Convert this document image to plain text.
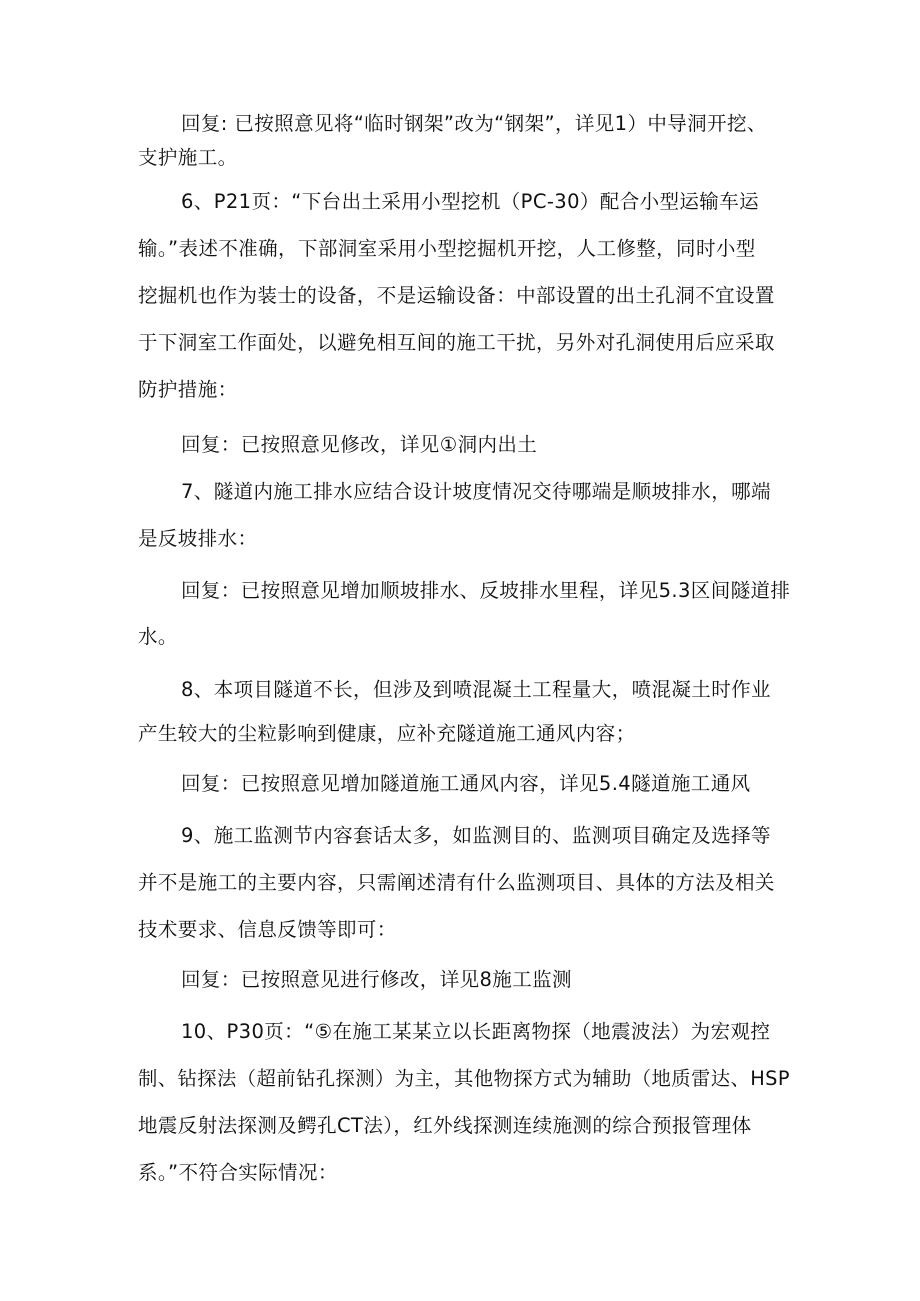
回复: 已按照意见将“临时钢架”改为“钢架”，详见1）中导洞开挖、
支护施工。
6、P21页：“下台出土采用小型挖机（PC-30）配合小型运输车运
输。”表述不准确，下部洞室采用小型挖掘机开挖，人工修整，同时小型
挖掘机也作为装士的设备，不是运输设备：中部设置的出土孔洞不宜设置
于下洞室工作面处，以避免相互间的施工干扰，另外对孔洞使用后应采取
防护措施：
回复：已按照意见修改，详见①洞内出土
7、隧道内施工排水应结合设计坡度情况交待哪端是顺坡排水，哪端
是反坡排水：
回复：已按照意见增加顺坡排水、反坡排水里程，详见5.3区间隧道排
水。
8、本项目隧道不长，但涉及到喷混凝土工程量大，喷混凝土时作业
产生较大的尘粒影响到健康，应补充隧道施工通风内容；
回复：已按照意见增加隧道施工通风内容，详见5.4隧道施工通风
9、施工监测节内容套话太多，如监测目的、监测项目确定及选择等
并不是施工的主要内容，只需阐述清有什么监测项目、具体的方法及相关
技术要求、信息反馈等即可：
回复：已按照意见进行修改，详见8施工监测
10、P30页：“⑤在施工某某立以长距离物探（地震波法）为宏观控
制、钻探法（超前钻孔探测）为主，其他物探方式为辅助（地质雷达、HSP
地震反射法探测及鳄孔CT法），红外线探测连续施测的综合预报管理体
系。”不符合实际情况：
